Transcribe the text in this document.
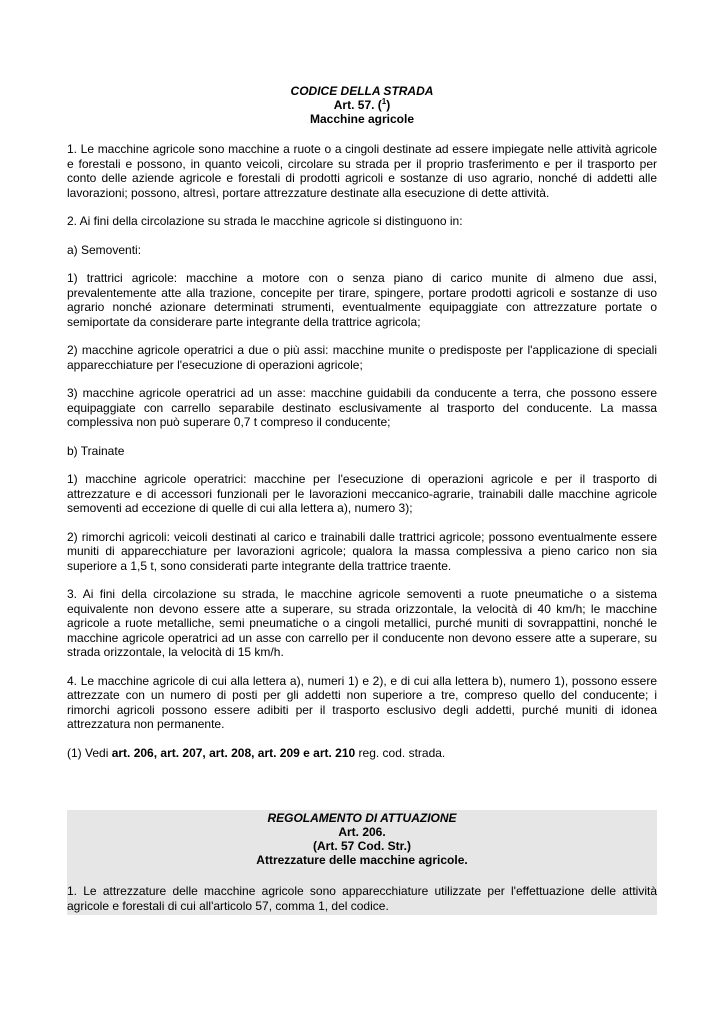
CODICE DELLA STRADA
Art. 57. ($^1$)
Macchine agricole

1. Le macchine agricole sono macchine a ruote o a cingoli destinate ad essere impiegate nelle attività agricole e forestali e possono, in quanto veicoli, circolare su strada per il proprio trasferimento e per il trasporto per conto delle aziende agricole e forestali di prodotti agricoli e sostanze di uso agrario, nonché di addetti alle lavorazioni; possono, altresì, portare attrezzature destinate alla esecuzione di dette attività.

2. Ai fini della circolazione su strada le macchine agricole si distinguono in:

a) Semoventi:

1) trattrici agricole: macchine a motore con o senza piano di carico munite di almeno due assi, prevalentemente atte alla trazione, concepite per tirare, spingere, portare prodotti agricoli e sostanze di uso agrario nonché azionare determinati strumenti, eventualmente equipaggiate con attrezzature portate o semiportate da considerare parte integrante della trattrice agricola;

2) macchine agricole operatrici a due o più assi: macchine munite o predisposte per l'applicazione di speciali apparecchiature per l'esecuzione di operazioni agricole;

3) macchine agricole operatrici ad un asse: macchine guidabili da conducente a terra, che possono essere equipaggiate con carrello separabile destinato esclusivamente al trasporto del conducente. La massa complessiva non può superare 0,7 t compreso il conducente;

b) Trainate

1) macchine agricole operatrici: macchine per l'esecuzione di operazioni agricole e per il trasporto di attrezzature e di accessori funzionali per le lavorazioni meccanico-agrarie, trainabili dalle macchine agricole semoventi ad eccezione di quelle di cui alla lettera a), numero 3);

2) rimorchi agricoli: veicoli destinati al carico e trainabili dalle trattrici agricole; possono eventualmente essere muniti di apparecchiature per lavorazioni agricole; qualora la massa complessiva a pieno carico non sia superiore a 1,5 t, sono considerati parte integrante della trattrice traente.

3. Ai fini della circolazione su strada, le macchine agricole semoventi a ruote pneumatiche o a sistema equivalente non devono essere atte a superare, su strada orizzontale, la velocità di 40 km/h; le macchine agricole a ruote metalliche, semi pneumatiche o a cingoli metallici, purché muniti di sovrappattini, nonché le macchine agricole operatrici ad un asse con carrello per il conducente non devono essere atte a superare, su strada orizzontale, la velocità di 15 km/h.

4. Le macchine agricole di cui alla lettera a), numeri 1) e 2), e di cui alla lettera b), numero 1), possono essere attrezzate con un numero di posti per gli addetti non superiore a tre, compreso quello del conducente; i rimorchi agricoli possono essere adibiti per il trasporto esclusivo degli addetti, purché muniti di idonea attrezzatura non permanente.

(1) Vedi art. 206, art. 207, art. 208, art. 209 e art. 210 reg. cod. strada.

REGOLAMENTO DI ATTUAZIONE
Art. 206.
(Art. 57 Cod. Str.)
Attrezzature delle macchine agricole.

1. Le attrezzature delle macchine agricole sono apparecchiature utilizzate per l'effettuazione delle attività agricole e forestali di cui all'articolo 57, comma 1, del codice.
